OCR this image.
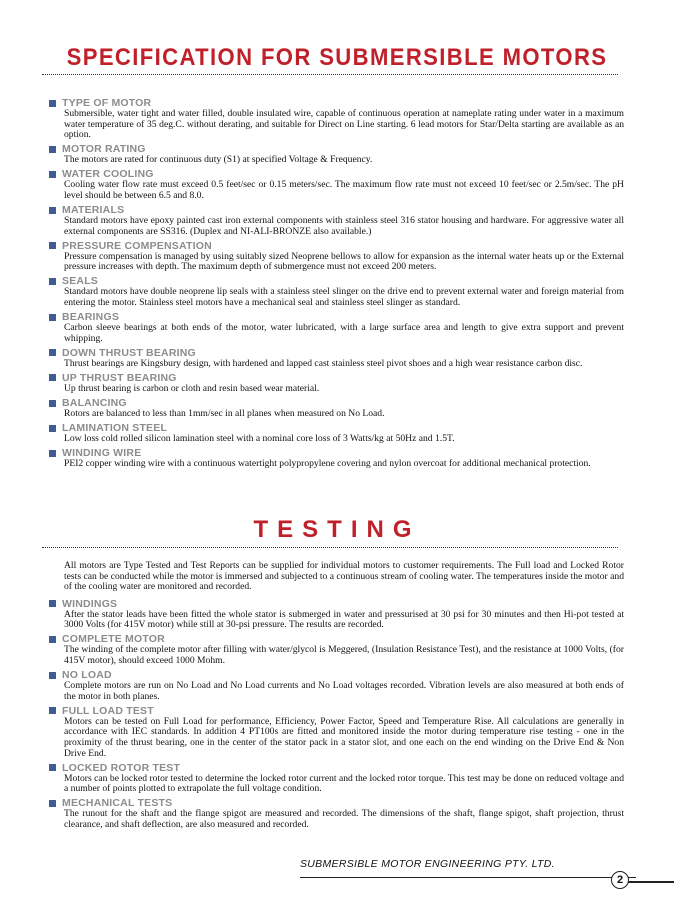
SPECIFICATION FOR SUBMERSIBLE MOTORS
TYPE OF MOTOR
Submersible, water tight and water filled, double insulated wire, capable of continuous operation at nameplate rating under water in a maximum water temperature of 35 deg.C. without derating, and suitable for Direct on Line starting. 6 lead motors for Star/Delta starting are available as an option.
MOTOR RATING
The motors are rated for continuous duty (S1) at specified Voltage & Frequency.
WATER COOLING
Cooling water flow rate must exceed 0.5 feet/sec or 0.15 meters/sec. The maximum flow rate must not exceed 10 feet/sec or 2.5m/sec. The pH level should be between 6.5 and 8.0.
MATERIALS
Standard motors have epoxy painted cast iron external components with stainless steel 316 stator housing and hardware. For aggressive water all external components are SS316. (Duplex and NI-ALI-BRONZE also available.)
PRESSURE COMPENSATION
Pressure compensation is managed by using suitably sized Neoprene bellows to allow for expansion as the internal water heats up or the External pressure increases with depth. The maximum depth of submergence must not exceed 200 meters.
SEALS
Standard motors have double neoprene lip seals with a stainless steel slinger on the drive end to prevent external water and foreign material from entering the motor. Stainless steel motors have a mechanical seal and stainless steel slinger as standard.
BEARINGS
Carbon sleeve bearings at both ends of the motor, water lubricated, with a large surface area and length to give extra support and prevent whipping.
DOWN THRUST BEARING
Thrust bearings are Kingsbury design, with hardened and lapped cast stainless steel pivot shoes and a high wear resistance carbon disc.
UP THRUST BEARING
Up thrust bearing is carbon or cloth and resin based wear material.
BALANCING
Rotors are balanced to less than 1mm/sec in all planes when measured on No Load.
LAMINATION STEEL
Low loss cold rolled silicon lamination steel with a nominal core loss of 3 Watts/kg at 50Hz and 1.5T.
WINDING WIRE
PEI2 copper winding wire with a continuous watertight polypropylene covering and nylon overcoat for additional mechanical protection.
TESTING
All motors are Type Tested and Test Reports can be supplied for individual motors to customer requirements. The Full load and Locked Rotor tests can be conducted while the motor is immersed and subjected to a continuous stream of cooling water. The temperatures inside the motor and of the cooling water are monitored and recorded.
WINDINGS
After the stator leads have been fitted the whole stator is submerged in water and pressurised at 30 psi for 30 minutes and then Hi-pot tested at 3000 Volts (for 415V motor) while still at 30-psi pressure. The results are recorded.
COMPLETE MOTOR
The winding of the complete motor after filling with water/glycol is Meggered, (Insulation Resistance Test), and the resistance at 1000 Volts, (for 415V motor), should exceed 1000 Mohm.
NO LOAD
Complete motors are run on No Load and No Load currents and No Load voltages recorded. Vibration levels are also measured at both ends of the motor in both planes.
FULL LOAD TEST
Motors can be tested on Full Load for performance, Efficiency, Power Factor, Speed and Temperature Rise. All calculations are generally in accordance with IEC standards. In addition 4 PT100s are fitted and monitored inside the motor during temperature rise testing - one in the proximity of the thrust bearing, one in the center of the stator pack in a stator slot, and one each on the end winding on the Drive End & Non Drive End.
LOCKED ROTOR TEST
Motors can be locked rotor tested to determine the locked rotor current and the locked rotor torque. This test may be done on reduced voltage and a number of points plotted to extrapolate the full voltage condition.
MECHANICAL TESTS
The runout for the shaft and the flange spigot are measured and recorded. The dimensions of the shaft, flange spigot, shaft projection, thrust clearance, and shaft deflection, are also measured and recorded.
SUBMERSIBLE MOTOR ENGINEERING PTY. LTD.
2
